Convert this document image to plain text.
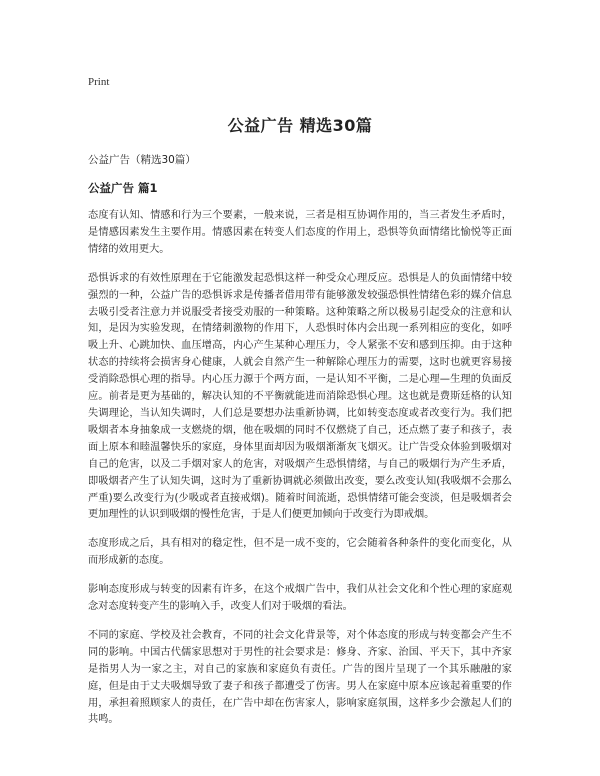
Print
公益广告 精选30篇

公益广告（精选30篇）

公益广告 篇1

态度有认知、情感和行为三个要素，一般来说，三者是相互协调作用的，当三者发生矛盾时，是情感因素发生主要作用。情感因素在转变人们态度的作用上，恐惧等负面情绪比愉悦等正面情绪的效用更大。

恐惧诉求的有效性原理在于它能激发起恐惧这样一种受众心理反应。恐惧是人的负面情绪中较强烈的一种，公益广告的恐惧诉求是传播者借用带有能够激发较强恐惧性情绪色彩的媒介信息去吸引受者注意力并说服受者接受劝服的一种策略。这种策略之所以极易引起受众的注意和认知，是因为实验发现，在情绪刺激物的作用下，人恐惧时体内会出现一系列相应的变化，如呼吸上升、心跳加快、血压增高，内心产生某种心理压力，令人紧张不安和感到压抑。由于这种状态的持续将会损害身心健康，人就会自然产生一种解除心理压力的需要，这时也就更容易接受消除恐惧心理的指导。内心压力源于个两方面，一是认知不平衡，二是心理—生理的负面反应。前者是更为基础的，解决认知的不平衡就能进而消除恐惧心理。这也就是费斯廷格的认知失调理论，当认知失调时，人们总是要想办法重新协调，比如转变态度或者改变行为。我们把吸烟者本身抽象成一支燃烧的烟，他在吸烟的同时不仅燃烧了自己，还点燃了妻子和孩子，表面上原本和睦温馨快乐的家庭，身体里面却因为吸烟渐渐灰飞烟灭。让广告受众体验到吸烟对自己的危害，以及二手烟对家人的危害，对吸烟产生恐惧情绪，与自己的吸烟行为产生矛盾，即吸烟者产生了认知失调，这时为了重新协调就必须做出改变，要么改变认知(我吸烟不会那么严重)要么改变行为(少吸或者直接戒烟)。随着时间流逝，恐惧情绪可能会变淡，但是吸烟者会更加理性的认识到吸烟的慢性危害，于是人们便更加倾向于改变行为即戒烟。

态度形成之后，具有相对的稳定性，但不是一成不变的，它会随着各种条件的变化而变化，从而形成新的态度。

影响态度形成与转变的因素有许多，在这个戒烟广告中，我们从社会文化和个性心理的家庭观念对态度转变产生的影响入手，改变人们对于吸烟的看法。

不同的家庭、学校及社会教育，不同的社会文化背景等，对个体态度的形成与转变都会产生不同的影响。中国古代儒家思想对于男性的社会要求是：修身、齐家、治国、平天下，其中齐家是指男人为一家之主，对自己的家族和家庭负有责任。广告的图片呈现了一个其乐融融的家庭，但是由于丈夫吸烟导致了妻子和孩子都遭受了伤害。男人在家庭中原本应该起着重要的作用，承担着照顾家人的责任，在广告中却在伤害家人，影响家庭氛围，这样多少会激起人们的共鸣。
